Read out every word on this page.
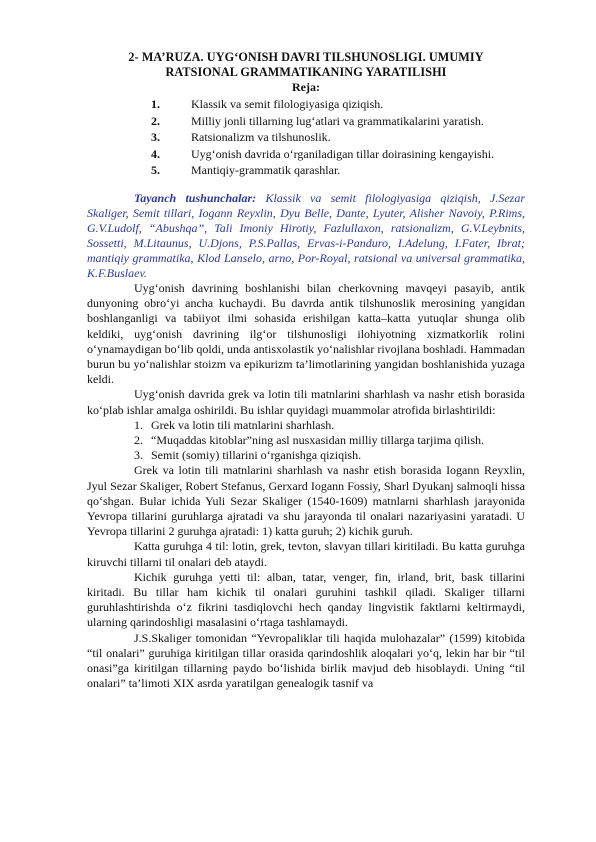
2- MA’RUZA. UYG‘ONISH DAVRI TILSHUNOSLIGI. UMUMIY
RATSIONAL GRAMMATIKANING YARATILISHI
Reja:
1.	Klassik va semit filologiyasiga qiziqish.
2.	Milliy jonli tillarning lug‘atlari va grammatikalarini yaratish.
3.	Ratsionalizm va tilshunoslik.
4.	Uyg‘onish davrida o‘rganiladigan tillar doirasining kengayishi.
5.	Mantiqiy-grammatik qarashlar.

Tayanch tushunchalar: Klassik va semit filologiyasiga qiziqish, J.Sezar Skaliger, Semit tillari, Iogann Reyxlin, Dyu Belle, Dante, Lyuter, Alisher Navoiy, P.Rims, G.V.Ludolf, “Abushqa”, Tali Imoniy Hirotiy, Fazlullaxon, ratsionalizm, G.V.Leybnits, Sossetti, M.Litaunus, U.Djons, P.S.Pallas, Ervas-i-Panduro, I.Adelung, I.Fater, Ibrat; mantiqiy grammatika, Klod Lanselo, arno, Por-Royal, ratsional va universal grammatika, K.F.Buslaev.

Uyg‘onish davrining boshlanishi bilan cherkovning mavqeyi pasayib, antik dunyoning obro‘yi ancha kuchaydi. Bu davrda antik tilshunoslik merosining yangidan boshlanganligi va tabiiyot ilmi sohasida erishilgan katta–katta yutuqlar shunga olib keldiki, uyg‘onish davrining ilg‘or tilshunosligi ilohiyotning xizmatkorlik rolini o‘ynamaydigan bo‘lib qoldi, unda antisxolastik yo‘nalishlar rivojlana boshladi. Hammadan burun bu yo‘nalishlar stoizm va epikurizm ta’limotlarining yangidan boshlanishida yuzaga keldi.

Uyg‘onish davrida grek va lotin tili matnlarini sharhlash va nashr etish borasida ko‘plab ishlar amalga oshirildi. Bu ishlar quyidagi muammolar atrofida birlashtirildi:

1. Grek va lotin tili matnlarini sharhlash.
2. “Muqaddas kitoblar”ning asl nusxasidan milliy tillarga tarjima qilish.
3. Semit (somiy) tillarini o‘rganishga qiziqish.

Grek va lotin tili matnlarini sharhlash va nashr etish borasida Iogann Reyxlin, Jyul Sezar Skaliger, Robert Stefanus, Gerxard Iogann Fossiy, Sharl Dyukanj salmoqli hissa qo‘shgan. Bular ichida Yuli Sezar Skaliger (1540-1609) matnlarni sharhlash jarayonida Yevropa tillarini guruhlarga ajratadi va shu jarayonda til onalari nazariyasini yaratadi. U Yevropa tillarini 2 guruhga ajratadi: 1) katta guruh; 2) kichik guruh.

Katta guruhga 4 til: lotin, grek, tevton, slavyan tillari kiritiladi. Bu katta guruhga kiruvchi tillarni til onalari deb ataydi.

Kichik guruhga yetti til: alban, tatar, venger, fin, irland, brit, bask tillarini kiritadi. Bu tillar ham kichik til onalari guruhini tashkil qiladi. Skaliger tillarni guruhlashtirishda o‘z fikrini tasdiqlovchi hech qanday lingvistik faktlarni keltirmaydi, ularning qarindoshligi masalasini o‘rtaga tashlamaydi.

J.S.Skaliger tomonidan “Yevropaliklar tili haqida mulohazalar” (1599) kitobida “til onalari” guruhiga kiritilgan tillar orasida qarindoshlik aloqalari yo‘q, lekin har bir “til onasi”ga kiritilgan tillarning paydo bo‘lishida birlik mavjud deb hisoblaydi. Uning “til onalari” ta’limoti XIX asrda yaratilgan genealogik tasnif va
